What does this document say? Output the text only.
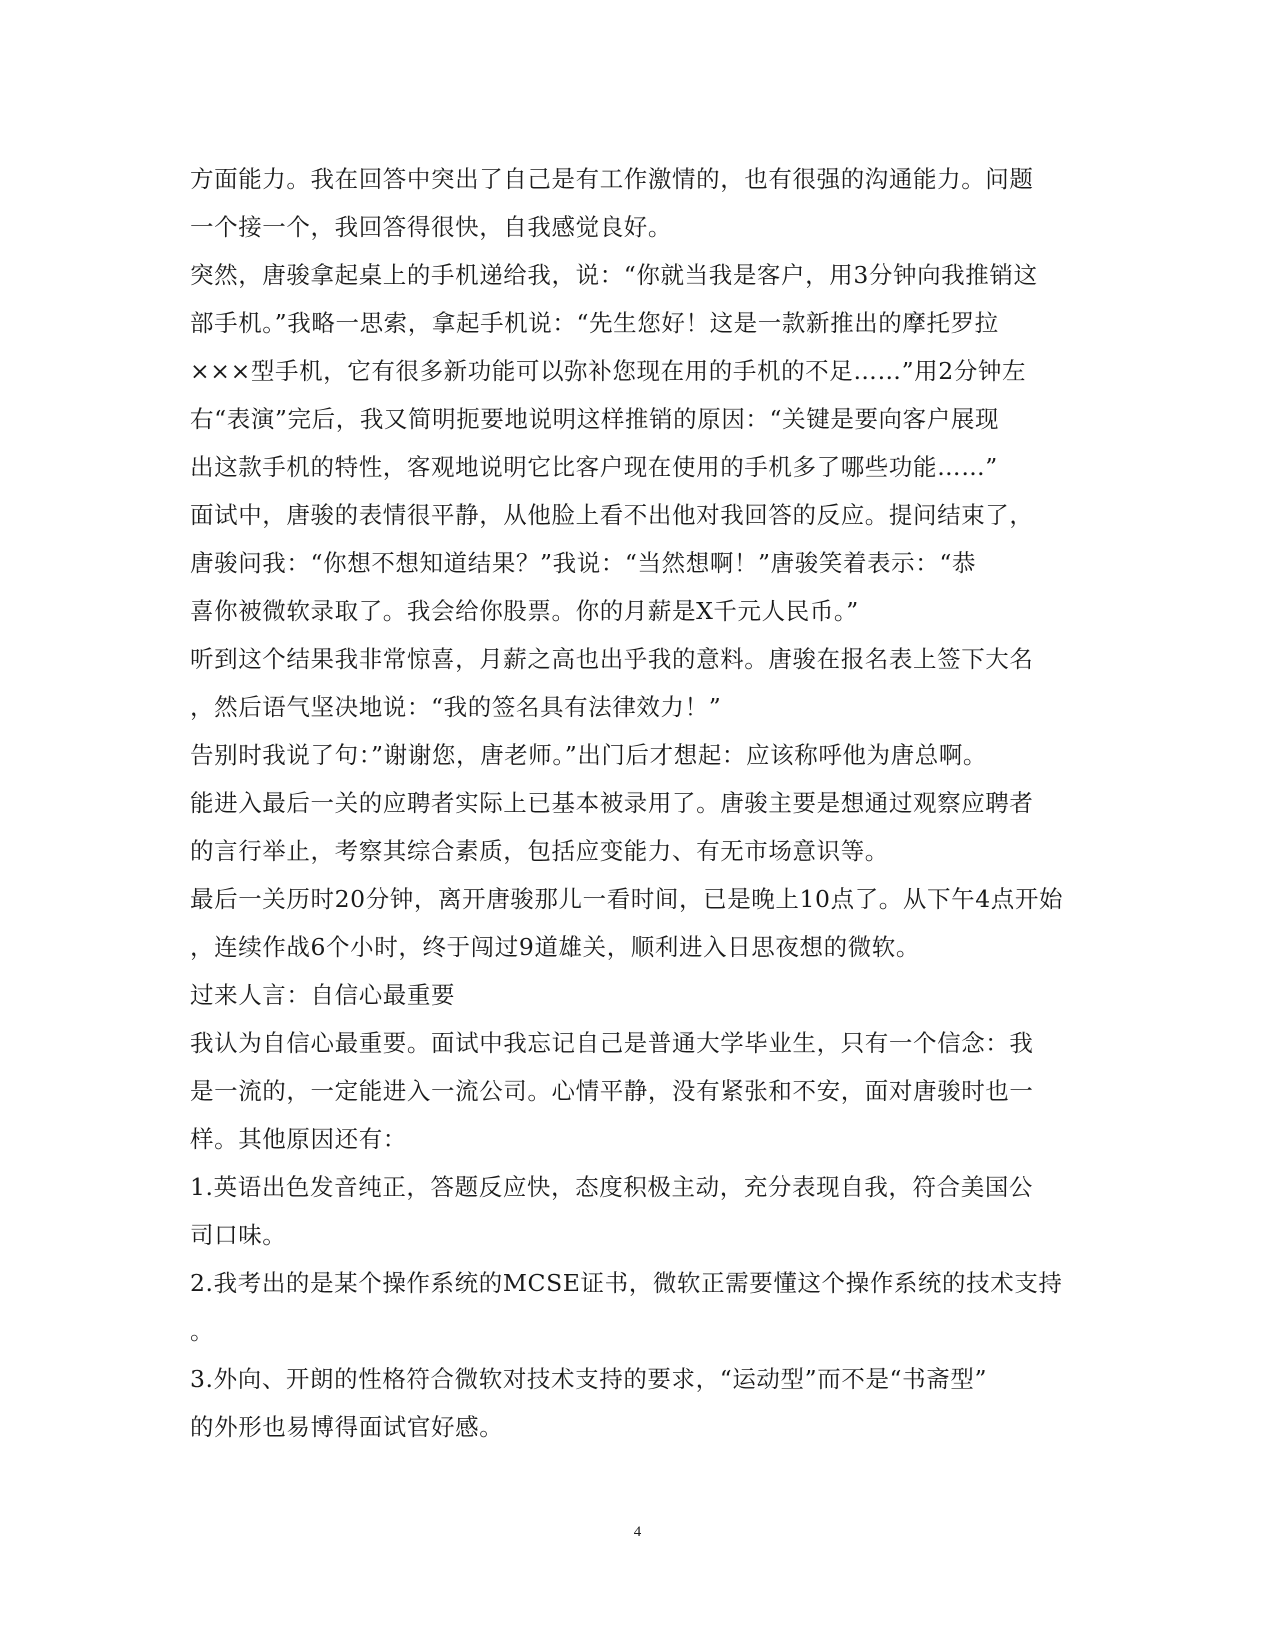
方面能力。我在回答中突出了自己是有工作激情的，也有很强的沟通能力。问题
一个接一个，我回答得很快，自我感觉良好。
突然，唐骏拿起桌上的手机递给我，说：“你就当我是客户，用3分钟向我推销这
部手机。”我略一思索，拿起手机说：“先生您好！这是一款新推出的摩托罗拉
×××型手机，它有很多新功能可以弥补您现在用的手机的不足……”用2分钟左
右“表演”完后，我又简明扼要地说明这样推销的原因：“关键是要向客户展现
出这款手机的特性，客观地说明它比客户现在使用的手机多了哪些功能……”
面试中，唐骏的表情很平静，从他脸上看不出他对我回答的反应。提问结束了，
唐骏问我：“你想不想知道结果？”我说：“当然想啊！”唐骏笑着表示：“恭
喜你被微软录取了。我会给你股票。你的月薪是X千元人民币。”
听到这个结果我非常惊喜，月薪之高也出乎我的意料。唐骏在报名表上签下大名
，然后语气坚决地说：“我的签名具有法律效力！”
告别时我说了句：”谢谢您，唐老师。”出门后才想起：应该称呼他为唐总啊。
能进入最后一关的应聘者实际上已基本被录用了。唐骏主要是想通过观察应聘者
的言行举止，考察其综合素质，包括应变能力、有无市场意识等。
最后一关历时20分钟，离开唐骏那儿一看时间，已是晚上10点了。从下午4点开始
，连续作战6个小时，终于闯过9道雄关，顺利进入日思夜想的微软。
过来人言：自信心最重要
我认为自信心最重要。面试中我忘记自己是普通大学毕业生，只有一个信念：我
是一流的，一定能进入一流公司。心情平静，没有紧张和不安，面对唐骏时也一
样。其他原因还有：
1.英语出色发音纯正，答题反应快，态度积极主动，充分表现自我，符合美国公
司口味。
2.我考出的是某个操作系统的MCSE证书，微软正需要懂这个操作系统的技术支持
。
3.外向、开朗的性格符合微软对技术支持的要求，“运动型”而不是“书斋型”
的外形也易博得面试官好感。
4
